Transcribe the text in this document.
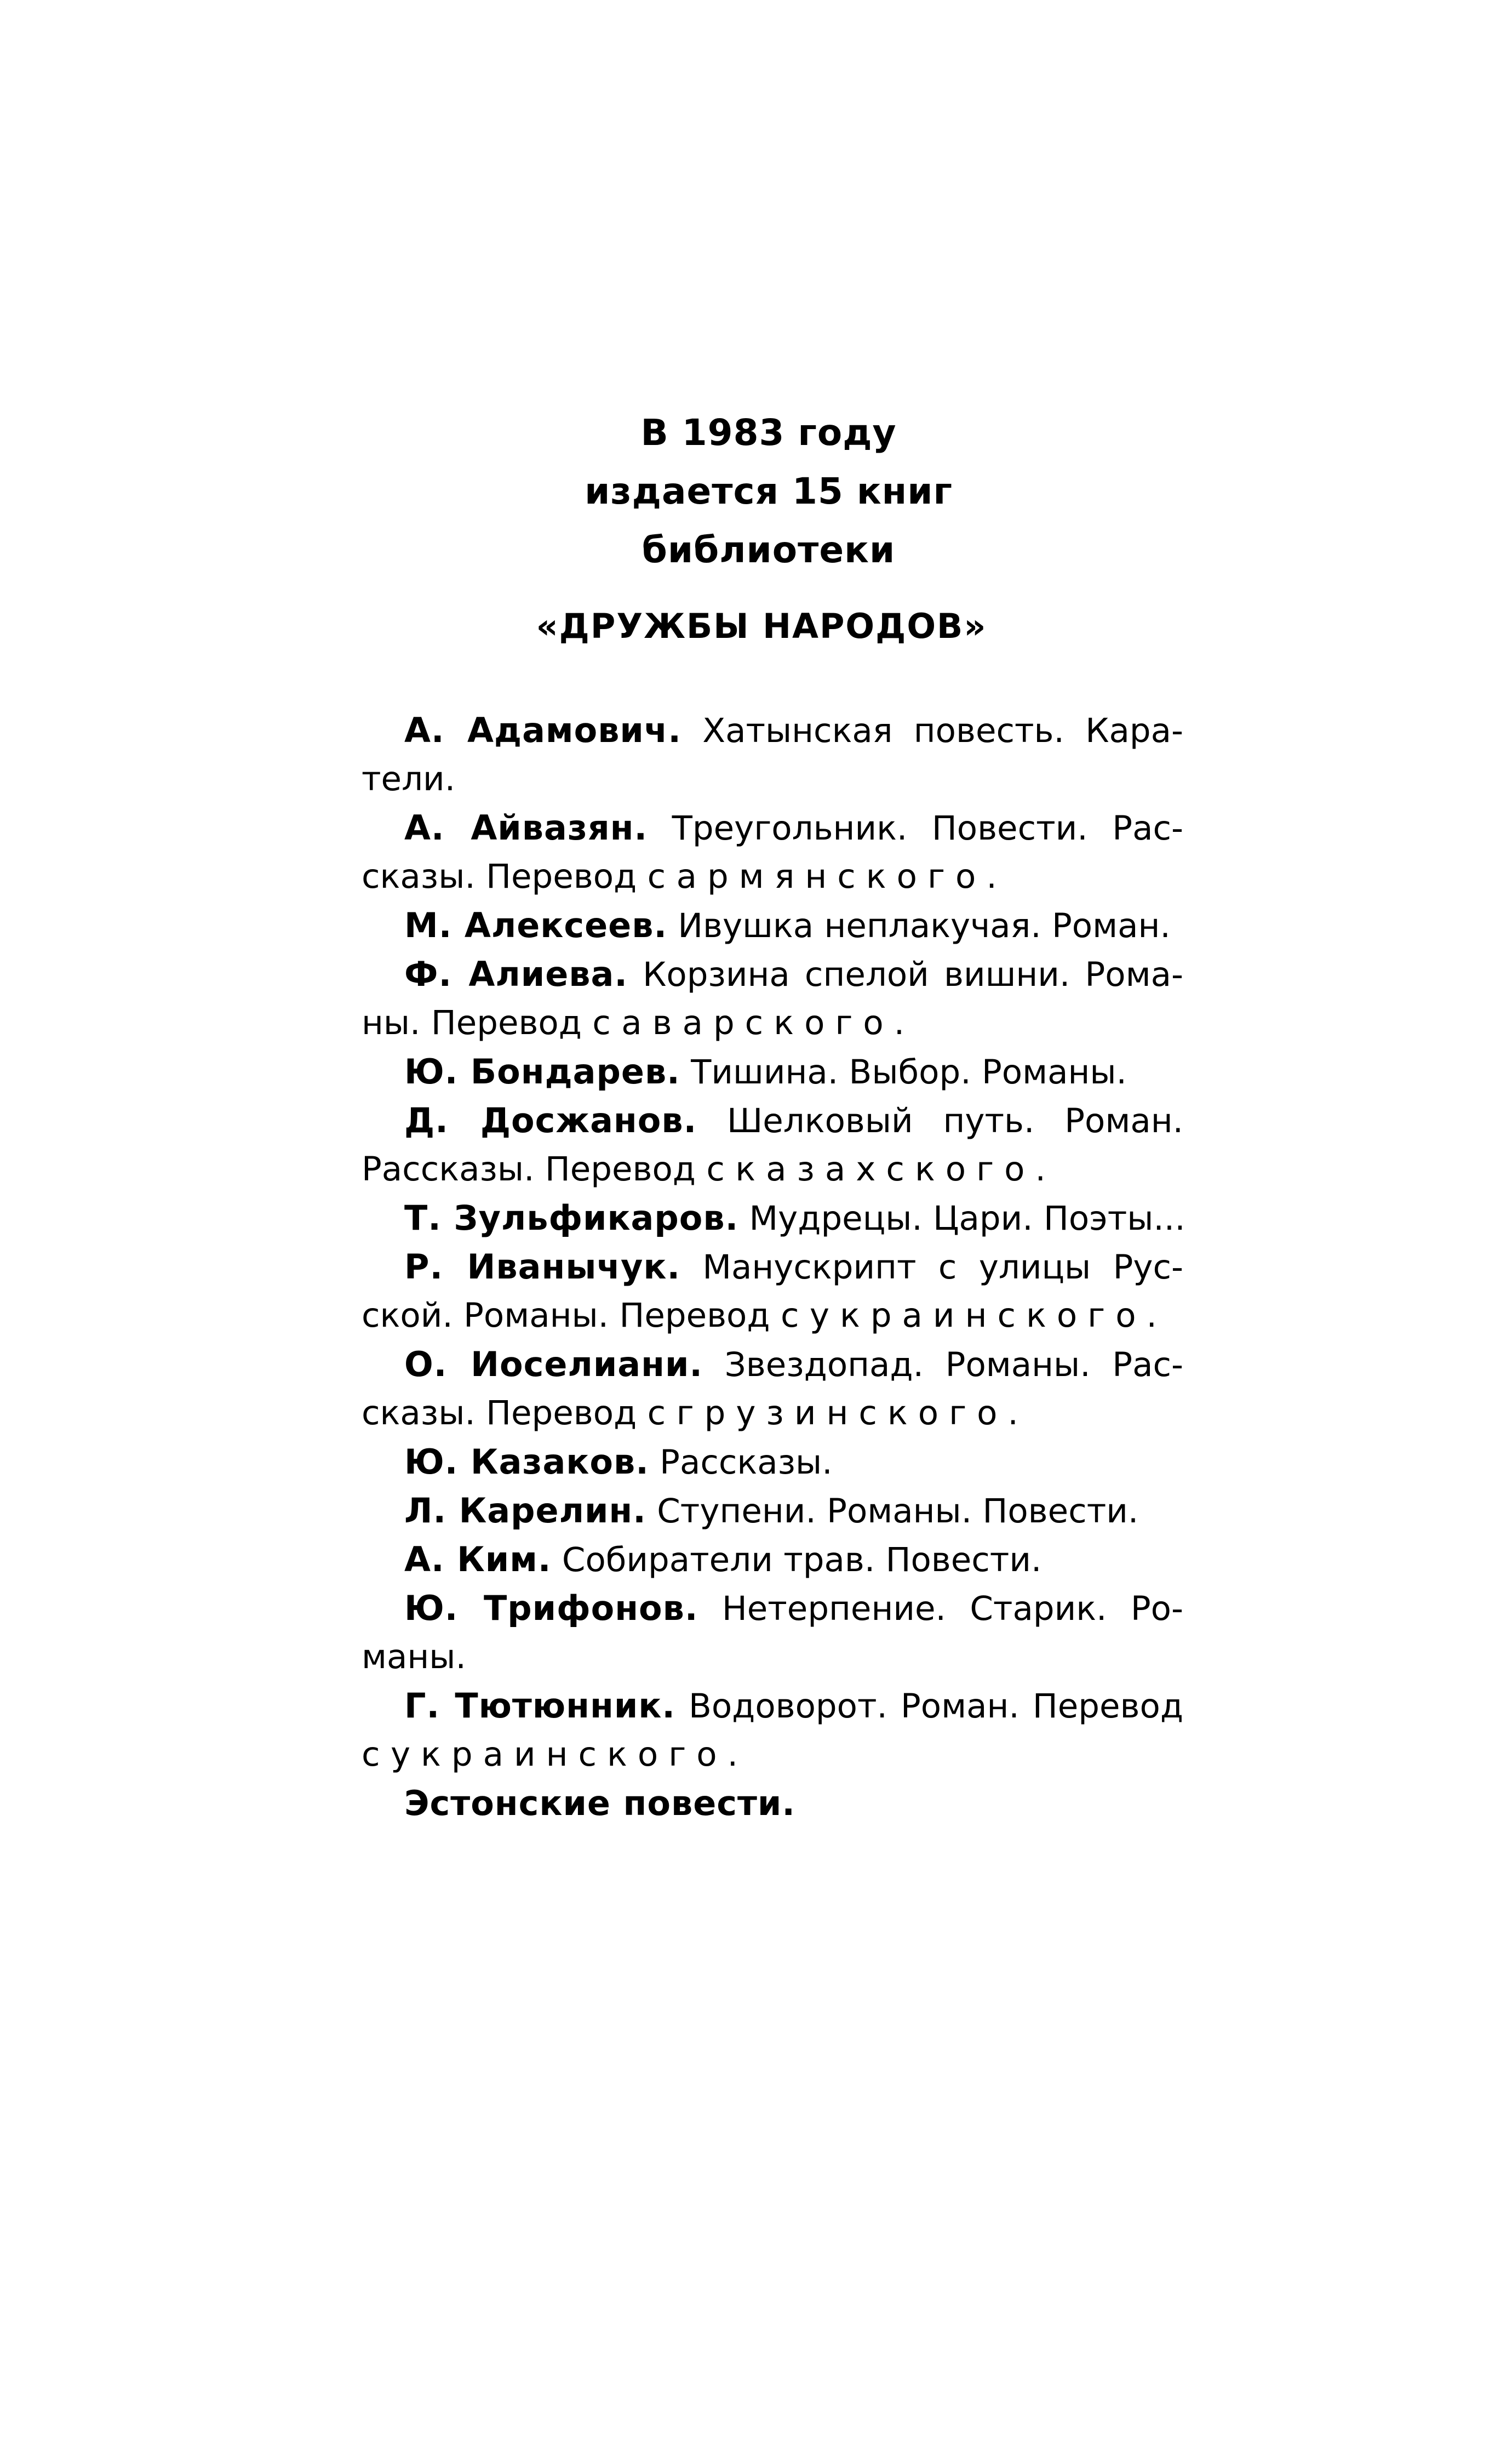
В 1983 году
издается 15 книг
библиотеки
«ДРУЖБЫ НАРОДОВ»
А. Адамович. Хатынская повесть. Кара-
тели.
А. Айвазян. Треугольник. Повести. Рас-
сказы. Перевод с армянского.
М. Алексеев. Ивушка неплакучая. Роман.
Ф. Алиева. Корзина спелой вишни. Рома-
ны. Перевод с аварского.
Ю. Бондарев. Тишина. Выбор. Романы.
Д. Досжанов. Шелковый путь. Роман.
Рассказы. Перевод с казахского.
Т. Зульфикаров. Мудрецы. Цари. Поэты...
Р. Иванычук. Манускрипт с улицы Рус-
ской. Романы. Перевод с украинского.
О. Иоселиани. Звездопад. Романы. Рас-
сказы. Перевод с грузинского.
Ю. Казаков. Рассказы.
Л. Карелин. Ступени. Романы. Повести.
А. Ким. Собиратели трав. Повести.
Ю. Трифонов. Нетерпение. Старик. Ро-
маны.
Г. Тютюнник. Водоворот. Роман. Перевод
с украинского.
Эстонские повести.
